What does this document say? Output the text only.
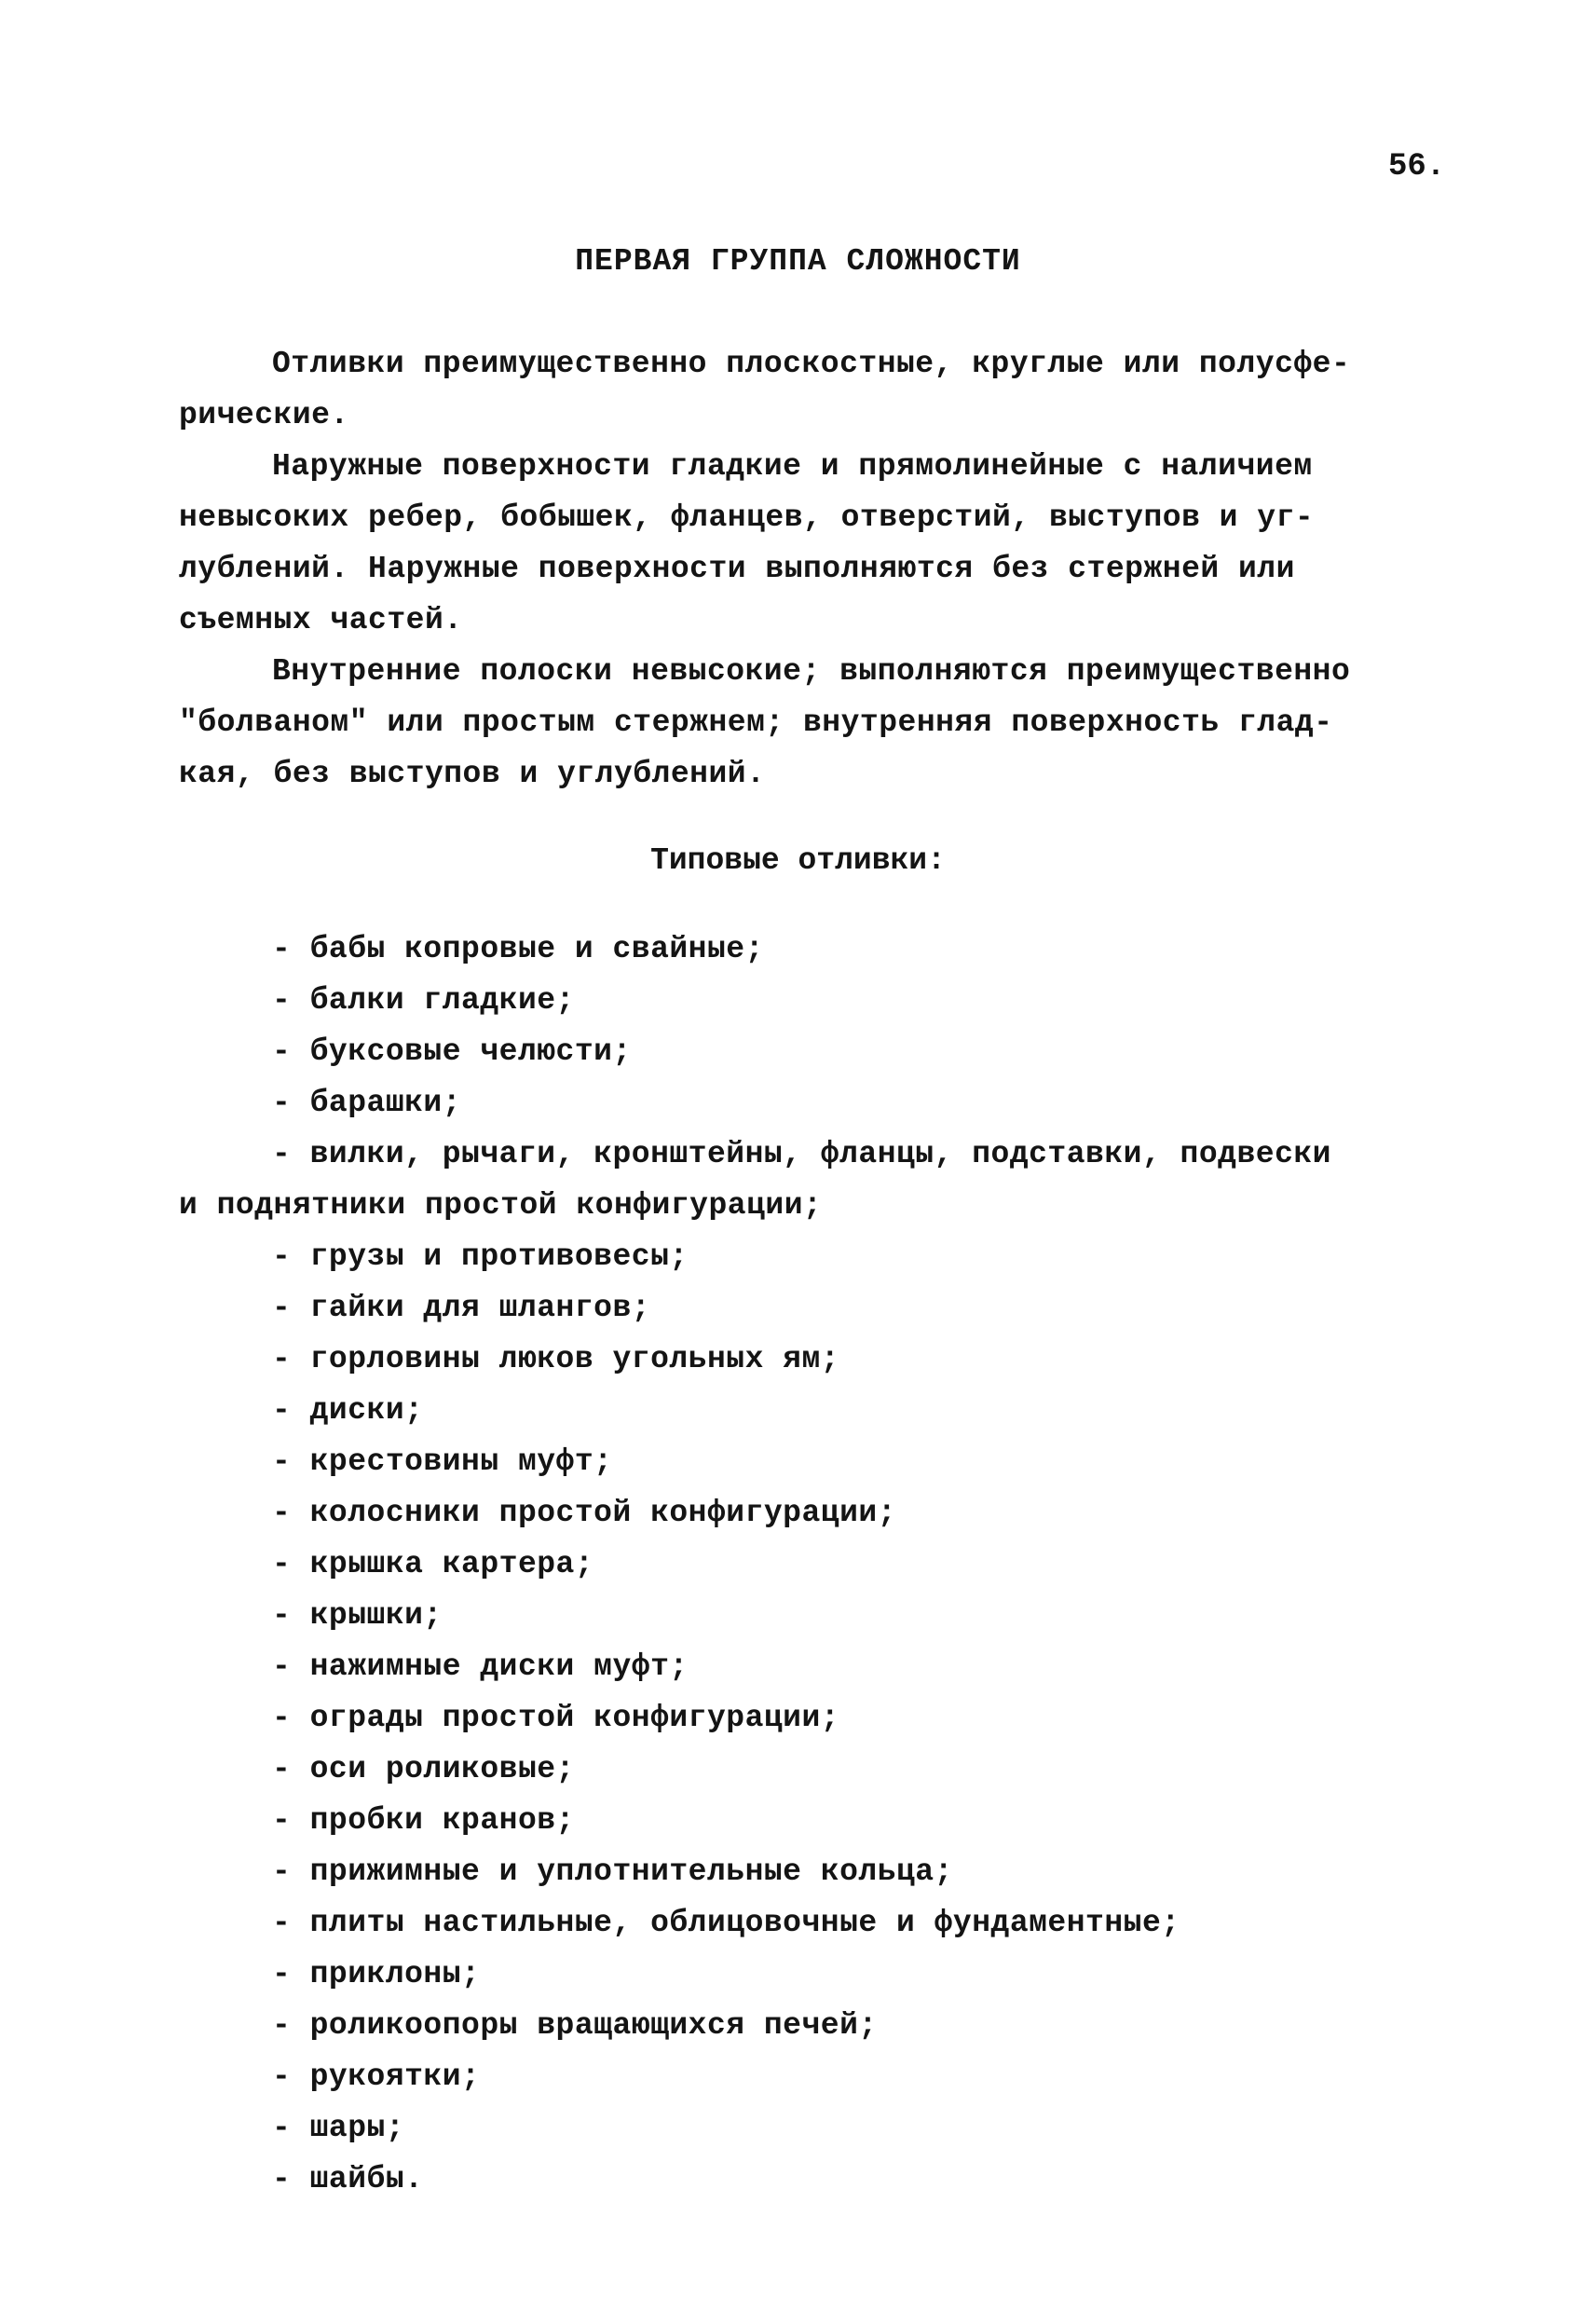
56.
ПЕРВАЯ ГРУППА СЛОЖНОСТИ
Отливки преимущественно плоскостные, круглые или полусфе-
рические.
Наружные поверхности гладкие и прямолинейные с наличием
невысоких ребер, бобышек, фланцев, отверстий, выступов и уг-
лублений. Наружные поверхности выполняются без стержней или
съемных частей.
Внутренние полоски невысокие; выполняются преимущественно
"болваном" или простым стержнем; внутренняя поверхность глад-
кая, без выступов и углублений.
Типовые отливки:
- бабы копровые и свайные;
- балки гладкие;
- буксовые челюсти;
- барашки;
- вилки, рычаги, кронштейны, фланцы, подставки, подвески
и поднятники простой конфигурации;
- грузы и противовесы;
- гайки для шлангов;
- горловины люков угольных ям;
- диски;
- крестовины муфт;
- колосники простой конфигурации;
- крышка картера;
- крышки;
- нажимные диски муфт;
- ограды простой конфигурации;
- оси роликовые;
- пробки кранов;
- прижимные и уплотнительные кольца;
- плиты настильные, облицовочные и фундаментные;
- приклоны;
- роликоопоры вращающихся печей;
- рукоятки;
- шары;
- шайбы.
